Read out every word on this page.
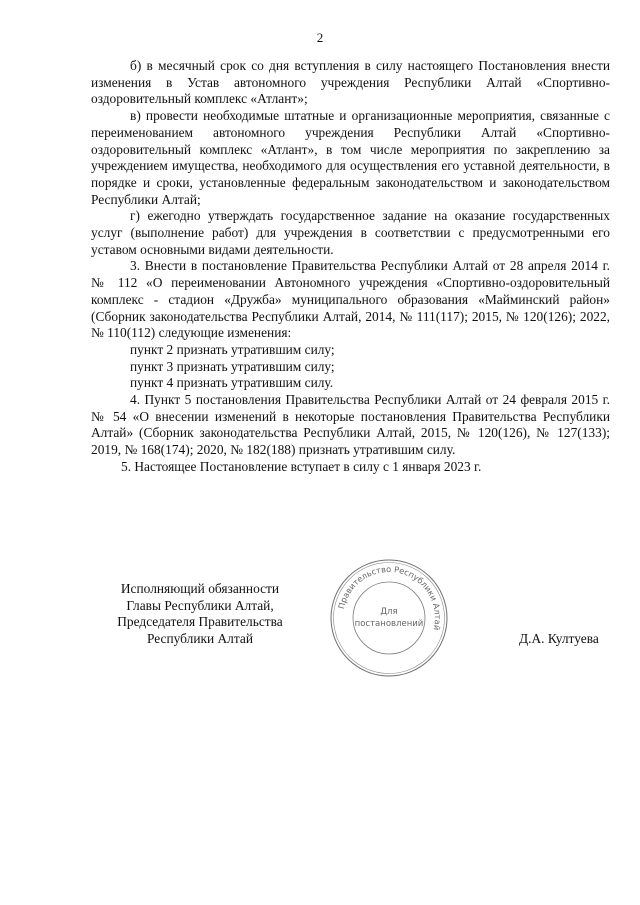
2

б) в месячный срок со дня вступления в силу настоящего Постановления внести изменения в Устав автономного учреждения Республики Алтай «Спортивно-оздоровительный комплекс «Атлант»;

в) провести необходимые штатные и организационные мероприятия, связанные с переименованием автономного учреждения Республики Алтай «Спортивно-оздоровительный комплекс «Атлант», в том числе мероприятия по закреплению за учреждением имущества, необходимого для осуществления его уставной деятельности, в порядке и сроки, установленные федеральным законодательством и законодательством Республики Алтай;

г) ежегодно утверждать государственное задание на оказание государственных услуг (выполнение работ) для учреждения в соответствии с предусмотренными его уставом основными видами деятельности.

3. Внести в постановление Правительства Республики Алтай от 28 апреля 2014 г. № 112 «О переименовании Автономного учреждения «Спортивно-оздоровительный комплекс - стадион «Дружба» муниципального образования «Майминский район» (Сборник законодательства Республики Алтай, 2014, № 111(117); 2015, № 120(126); 2022, № 110(112) следующие изменения:

пункт 2 признать утратившим силу;

пункт 3 признать утратившим силу;

пункт 4 признать утратившим силу.

4. Пункт 5 постановления Правительства Республики Алтай от 24 февраля 2015 г. № 54 «О внесении изменений в некоторые постановления Правительства Республики Алтай» (Сборник законодательства Республики Алтай, 2015, № 120(126), № 127(133); 2019, № 168(174); 2020, № 182(188) признать утратившим силу.

5. Настоящее Постановление вступает в силу с 1 января 2023 г.

Исполняющий обязанности
Главы Республики Алтай,
Председателя Правительства
Республики Алтай
Правительство Республики Алтай
Для
постановлений
Д.А. Култуева
